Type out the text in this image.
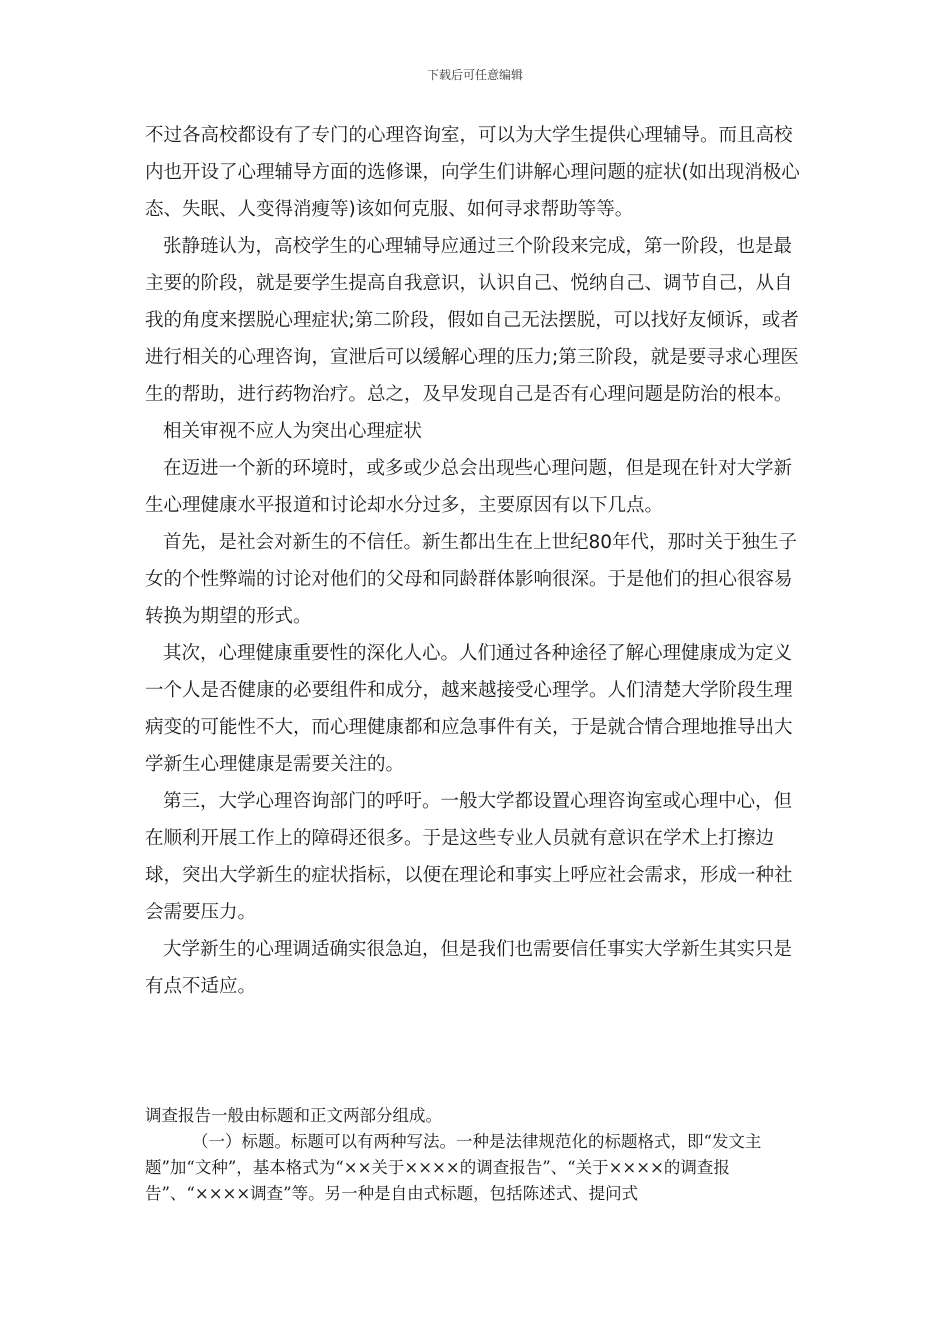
下载后可任意编辑

不过各高校都设有了专门的心理咨询室，可以为大学生提供心理辅导。而且高校内也开设了心理辅导方面的选修课，向学生们讲解心理问题的症状(如出现消极心态、失眠、人变得消瘦等)该如何克服、如何寻求帮助等等。

张静琏认为，高校学生的心理辅导应通过三个阶段来完成，第一阶段，也是最主要的阶段，就是要学生提高自我意识，认识自己、悦纳自己、调节自己，从自我的角度来摆脱心理症状;第二阶段，假如自己无法摆脱，可以找好友倾诉，或者进行相关的心理咨询，宣泄后可以缓解心理的压力;第三阶段，就是要寻求心理医生的帮助，进行药物治疗。总之，及早发现自己是否有心理问题是防治的根本。

相关审视不应人为突出心理症状

在迈进一个新的环境时，或多或少总会出现些心理问题，但是现在针对大学新生心理健康水平报道和讨论却水分过多，主要原因有以下几点。

首先，是社会对新生的不信任。新生都出生在上世纪80年代，那时关于独生子女的个性弊端的讨论对他们的父母和同龄群体影响很深。于是他们的担心很容易转换为期望的形式。

其次，心理健康重要性的深化人心。人们通过各种途径了解心理健康成为定义一个人是否健康的必要组件和成分，越来越接受心理学。人们清楚大学阶段生理病变的可能性不大，而心理健康都和应急事件有关，于是就合情合理地推导出大学新生心理健康是需要关注的。

第三，大学心理咨询部门的呼吁。一般大学都设置心理咨询室或心理中心，但在顺利开展工作上的障碍还很多。于是这些专业人员就有意识在学术上打擦边球，突出大学新生的症状指标，以便在理论和事实上呼应社会需求，形成一种社会需要压力。

大学新生的心理调适确实很急迫，但是我们也需要信任事实大学新生其实只是有点不适应。

调查报告一般由标题和正文两部分组成。

（一）标题。标题可以有两种写法。一种是法律规范化的标题格式，即“发文主题”加“文种”，基本格式为“××关于××××的调查报告”、“关于××××的调查报告”、“××××调查”等。另一种是自由式标题，包括陈述式、提问式
